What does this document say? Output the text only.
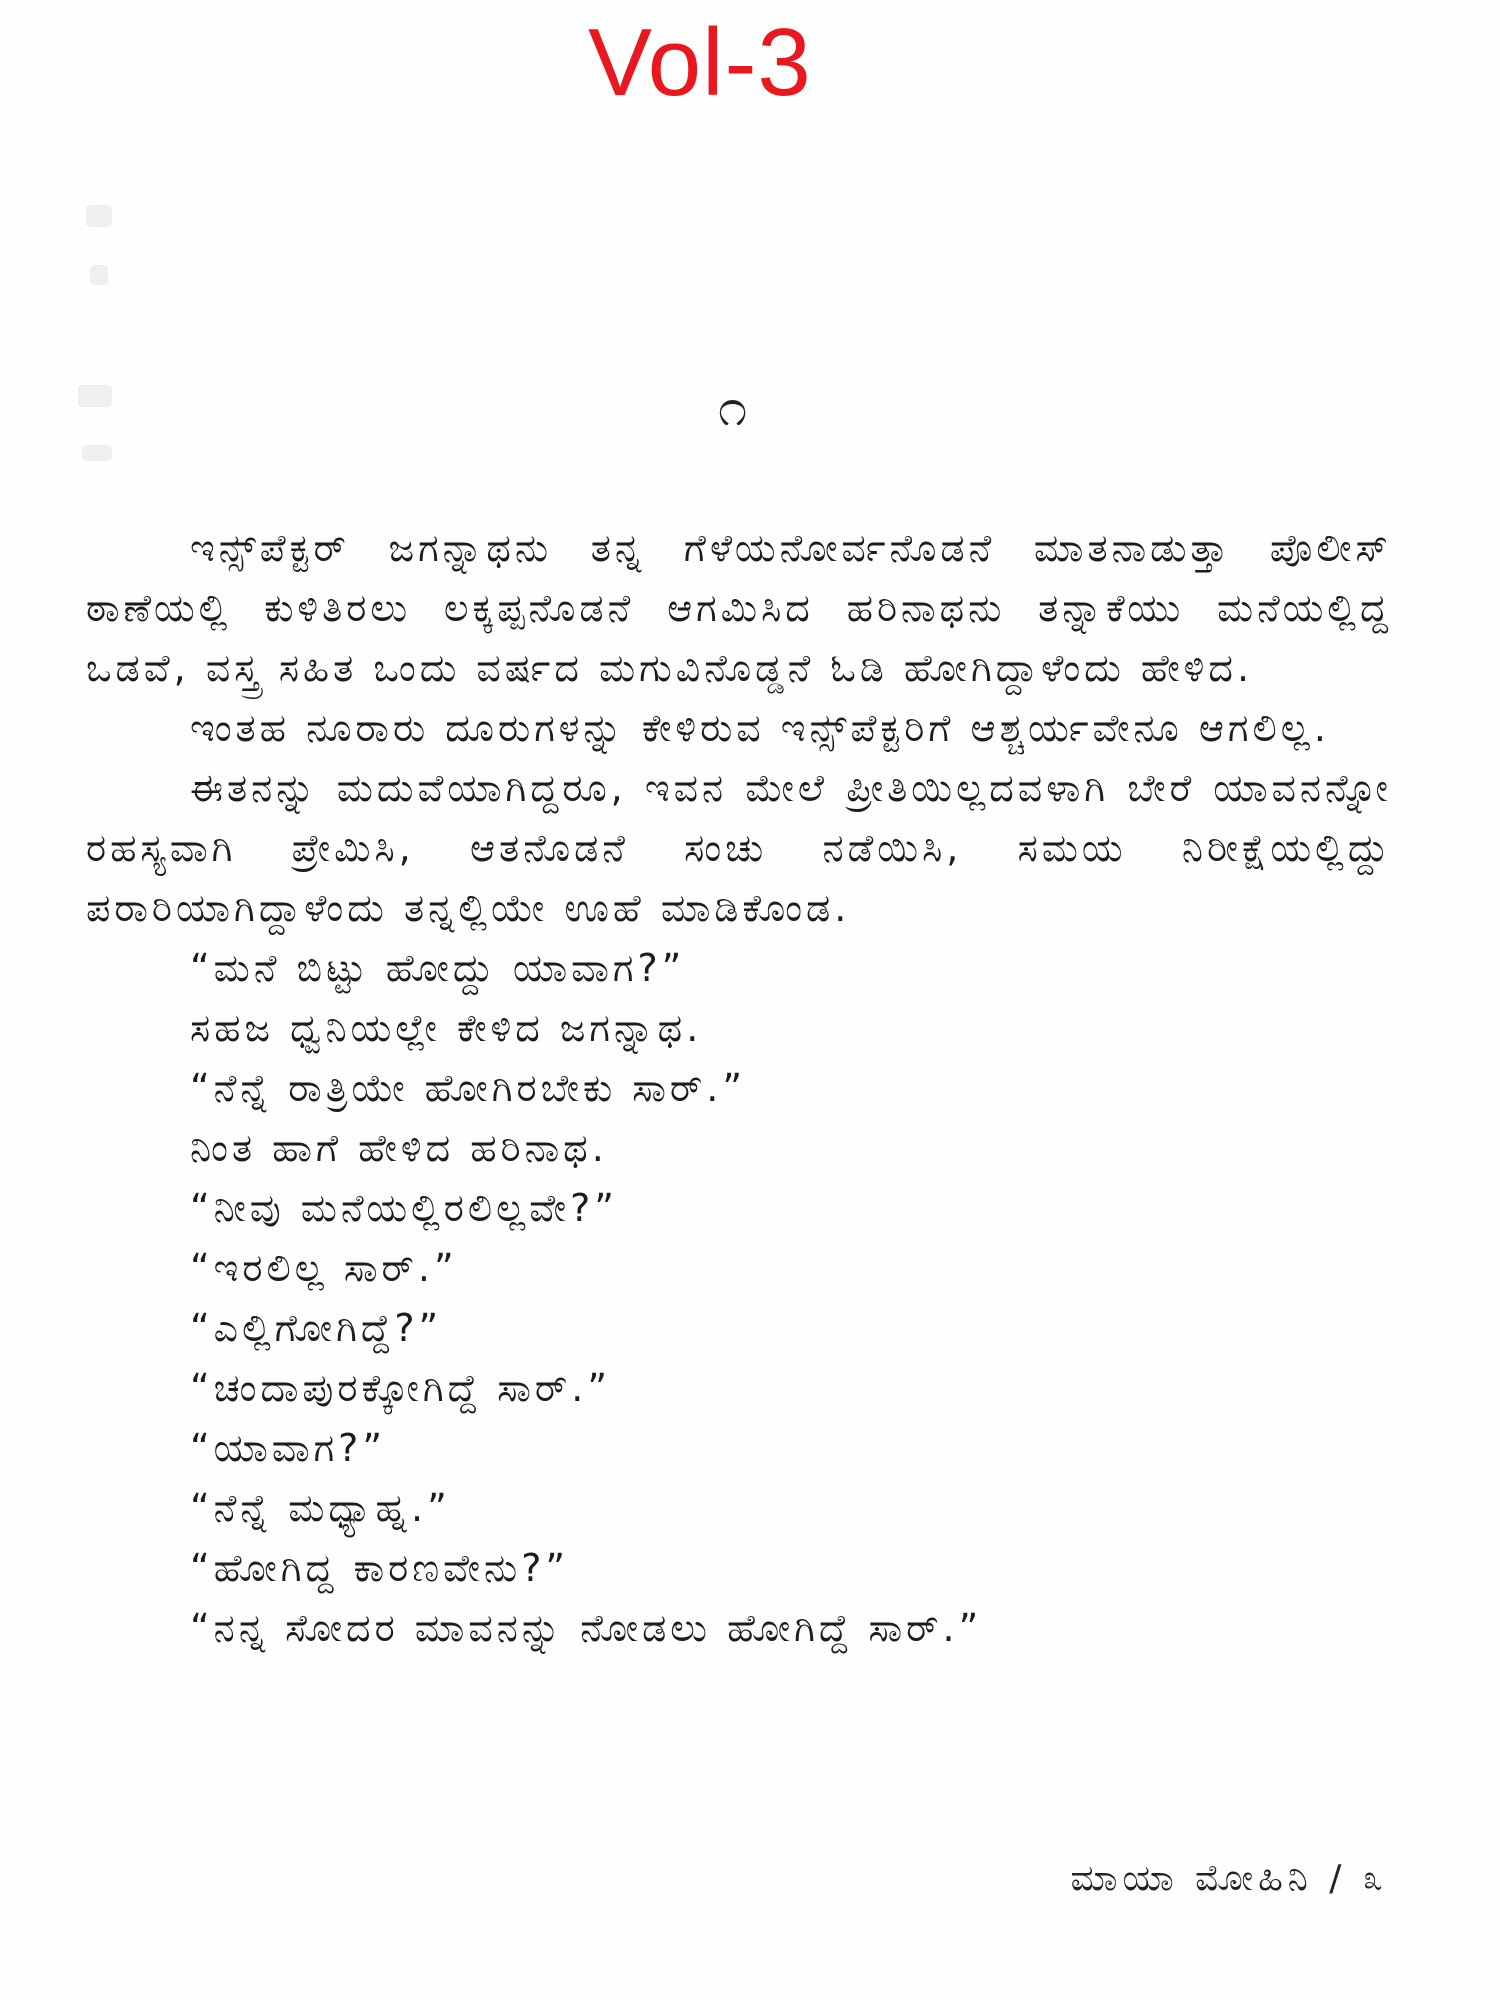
Vol-3
೧

ಇನ್ಸ್‌ಪೆಕ್ಟರ್ ಜಗನ್ನಾಥನು ತನ್ನ ಗೆಳೆಯನೋರ್ವನೊಡನೆ ಮಾತನಾಡುತ್ತಾ ಪೊಲೀಸ್ ಠಾಣೆಯಲ್ಲಿ ಕುಳಿತಿರಲು ಲಕ್ಕಪ್ಪನೊಡನೆ ಆಗಮಿಸಿದ ಹರಿನಾಥನು ತನ್ನಾಕೆಯು ಮನೆಯಲ್ಲಿದ್ದ ಒಡವೆ, ವಸ್ತ್ರ ಸಹಿತ ಒಂದು ವರ್ಷದ ಮಗುವಿನೊಡ್ಡನೆ ಓಡಿ ಹೋಗಿದ್ದಾಳೆಂದು ಹೇಳಿದ.

ಇಂತಹ ನೂರಾರು ದೂರುಗಳನ್ನು ಕೇಳಿರುವ ಇನ್ಸ್‌ಪೆಕ್ಟರಿಗೆ ಆಶ್ಚರ್ಯವೇನೂ ಆಗಲಿಲ್ಲ.

ಈತನನ್ನು ಮದುವೆಯಾಗಿದ್ದರೂ, ಇವನ ಮೇಲೆ ಪ್ರೀತಿಯಿಲ್ಲದವಳಾಗಿ ಬೇರೆ ಯಾವನನ್ನೋ ರಹಸ್ಯವಾಗಿ ಪ್ರೇಮಿಸಿ, ಆತನೊಡನೆ ಸಂಚು ನಡೆಯಿಸಿ, ಸಮಯ ನಿರೀಕ್ಷೆಯಲ್ಲಿದ್ದು ಪರಾರಿಯಾಗಿದ್ದಾಳೆಂದು ತನ್ನಲ್ಲಿಯೇ ಊಹೆ ಮಾಡಿಕೊಂಡ.

“ಮನೆ ಬಿಟ್ಟು ಹೋದ್ದು ಯಾವಾಗ?”

ಸಹಜ ಧ್ವನಿಯಲ್ಲೇ ಕೇಳಿದ ಜಗನ್ನಾಥ.

“ನೆನ್ನೆ ರಾತ್ರಿಯೇ ಹೋಗಿರಬೇಕು ಸಾರ್.”

ನಿಂತ ಹಾಗೆ ಹೇಳಿದ ಹರಿನಾಥ.

“ನೀವು ಮನೆಯಲ್ಲಿರಲಿಲ್ಲವೇ?”

“ಇರಲಿಲ್ಲ ಸಾರ್.”

“ಎಲ್ಲಿಗೋಗಿದ್ದೆ?”

“ಚಂದಾಪುರಕ್ಕೋಗಿದ್ದೆ ಸಾರ್.”

“ಯಾವಾಗ?”

“ನೆನ್ನೆ ಮಧ್ಯಾಹ್ನ.”

“ಹೋಗಿದ್ದ ಕಾರಣವೇನು?”

“ನನ್ನ ಸೋದರ ಮಾವನನ್ನು ನೋಡಲು ಹೋಗಿದ್ದೆ ಸಾರ್.”

ಮಾಯಾ ಮೋಹಿನಿ / ೩
